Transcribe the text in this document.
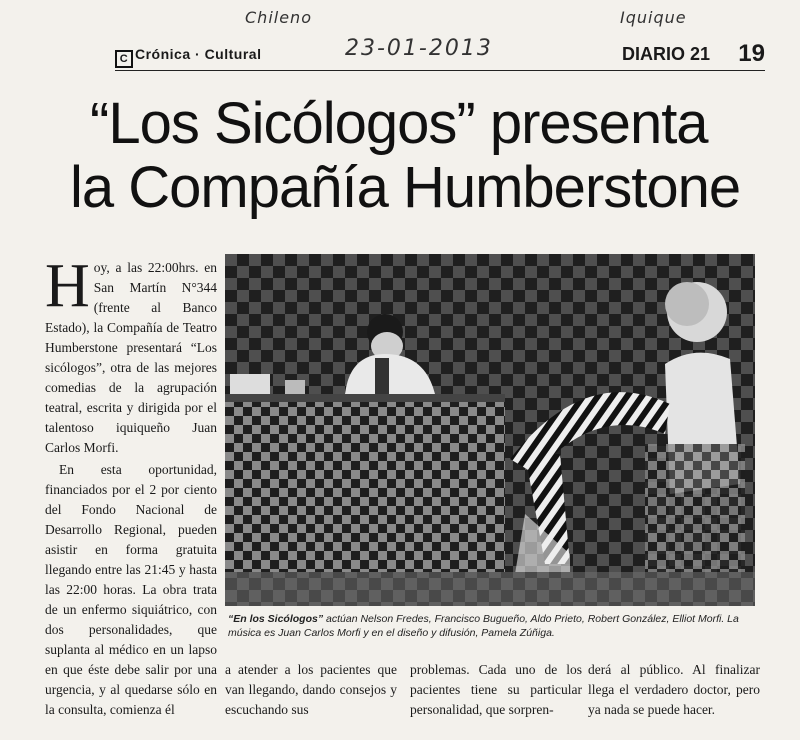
Chileno
23-01-2013
Iquique
C Crónica · Cultural	DIARIO 21 19
“Los Sicólogos” presenta
la Compañía Humberstone

Hoy, a las 22:00hrs. en San Martín N°344 (frente al Banco Estado), la Compañía de Teatro Humberstone presentará “Los sicólogos”, otra de las mejores comedias de la agrupación teatral, escrita y dirigida por el talentoso iquiqueño Juan Carlos Morfi.

En esta oportunidad, financiados por el 2 por ciento del Fondo Nacional de Desarrollo Regional, pueden asistir en forma gratuita llegando entre las 21:45 y hasta las 22:00 horas. La obra trata de un enfermo siquiátrico, con dos personalidades, que suplanta al médico en un lapso en que éste debe salir por una urgencia, y al quedarse sólo en la consulta, comienza él

“En los Sicólogos” actúan Nelson Fredes, Francisco Bugueño, Aldo Prieto, Robert González, Elliot Morfi. La música es Juan Carlos Morfi y en el diseño y difusión, Pamela Zúñiga.
a atender a los pacientes que van llegando, dando consejos y escuchando sus
problemas. Cada uno de los pacientes tiene su particular personalidad, que sorpren-
derá al público. Al finalizar llega el verdadero doctor, pero ya nada se puede hacer.
